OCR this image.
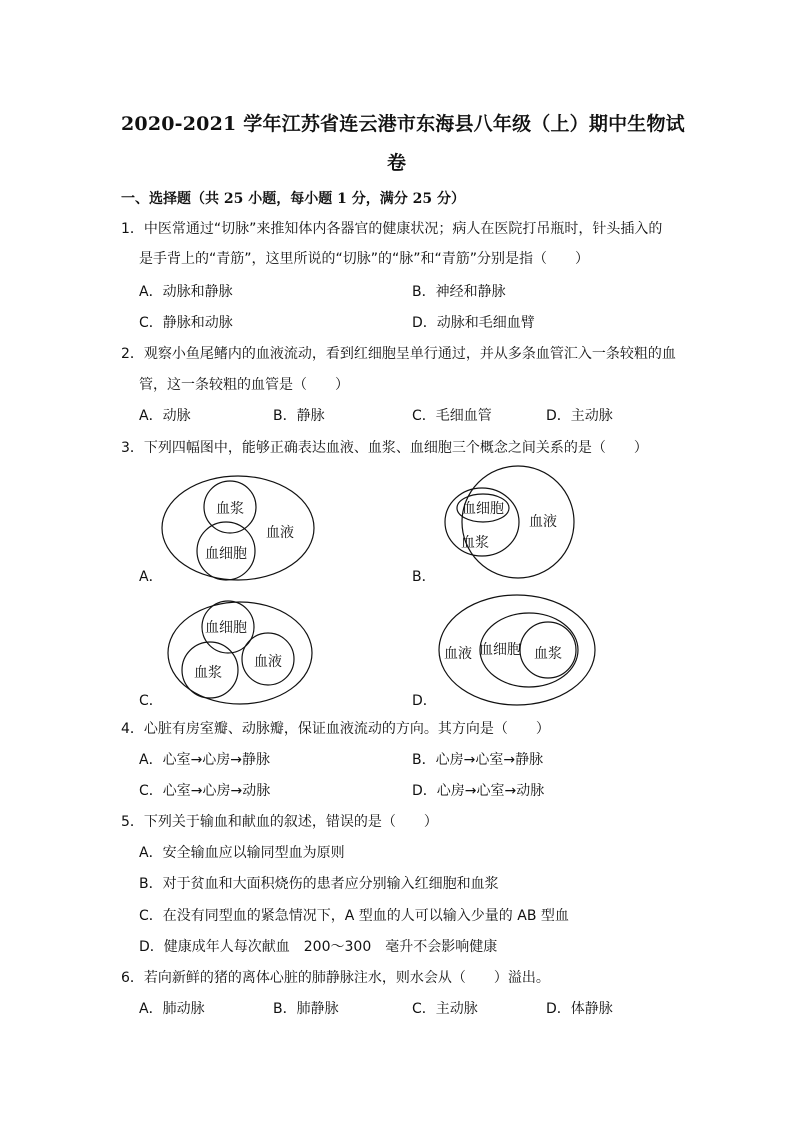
2020-2021 学年江苏省连云港市东海县八年级（上）期中生物试
卷
一、选择题（共 25 小题，每小题 1 分，满分 25 分）
1．中医常通过“切脉”来推知体内各器官的健康状况；病人在医院打吊瓶时，针头插入的
是手背上的“青筋”，这里所说的“切脉”的“脉”和“青筋”分别是指（　　）
A．动脉和静脉	B．神经和静脉
C．静脉和动脉	D．动脉和毛细血臂
2．观察小鱼尾鳍内的血液流动，看到红细胞呈单行通过，并从多条血管汇入一条较粗的血
管，这一条较粗的血管是（　　）
A．动脉	B．静脉	C．毛细血管	D．主动脉
3．下列四幅图中，能够正确表达血液、血浆、血细胞三个概念之间关系的是（　　）
A．
血浆
血液
血细胞
B．
血细胞
血浆
血液
C．
血细胞
血浆
血液
D．
血液 血细胞 血浆
4．心脏有房室瓣、动脉瓣，保证血液流动的方向。其方向是（　　）
A．心室→心房→静脉	B．心房→心室→静脉
C．心室→心房→动脉	D．心房→心室→动脉
5．下列关于输血和献血的叙述，错误的是（　　）
A．安全输血应以输同型血为原则
B．对于贫血和大面积烧伤的患者应分别输入红细胞和血浆
C．在没有同型血的紧急情况下，A 型血的人可以输入少量的 AB 型血
D．健康成年人每次献血　200～300　毫升不会影响健康
6．若向新鲜的猪的离体心脏的肺静脉注水，则水会从（　　）溢出。
A．肺动脉	B．肺静脉	C．主动脉	D．体静脉
